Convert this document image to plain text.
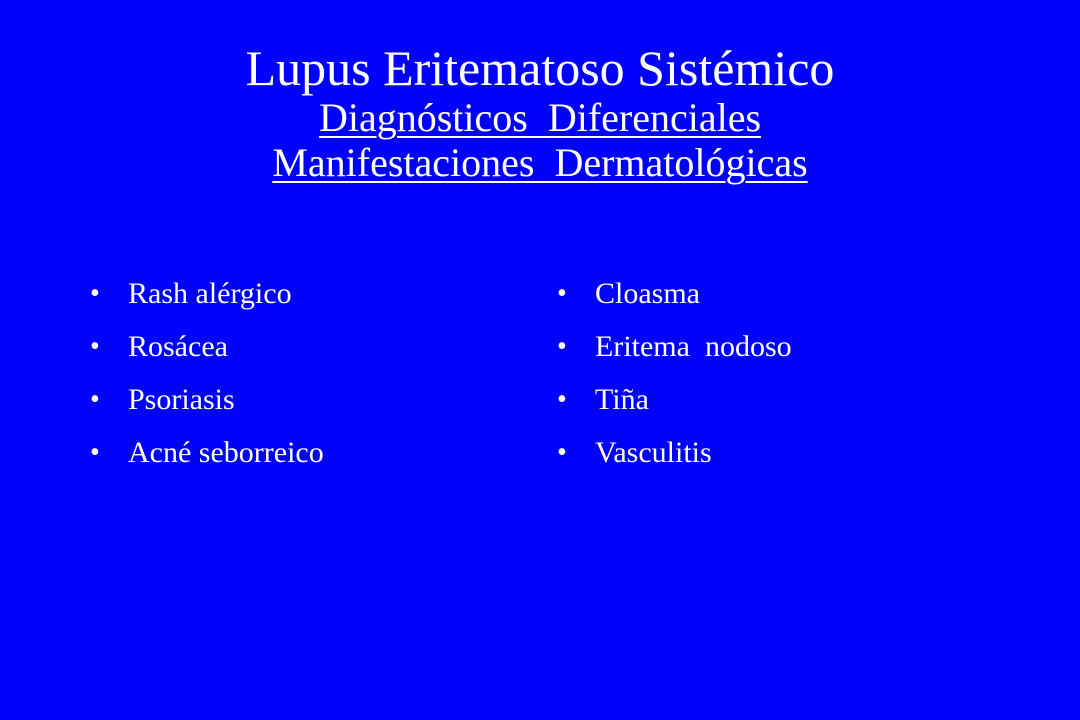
Lupus Eritematoso Sistémico
Diagnósticos  Diferenciales
Manifestaciones  Dermatológicas
• Rash alérgico
• Rosácea
• Psoriasis
• Acné seborreico
• Cloasma
• Eritema  nodoso
• Tiña
• Vasculitis
